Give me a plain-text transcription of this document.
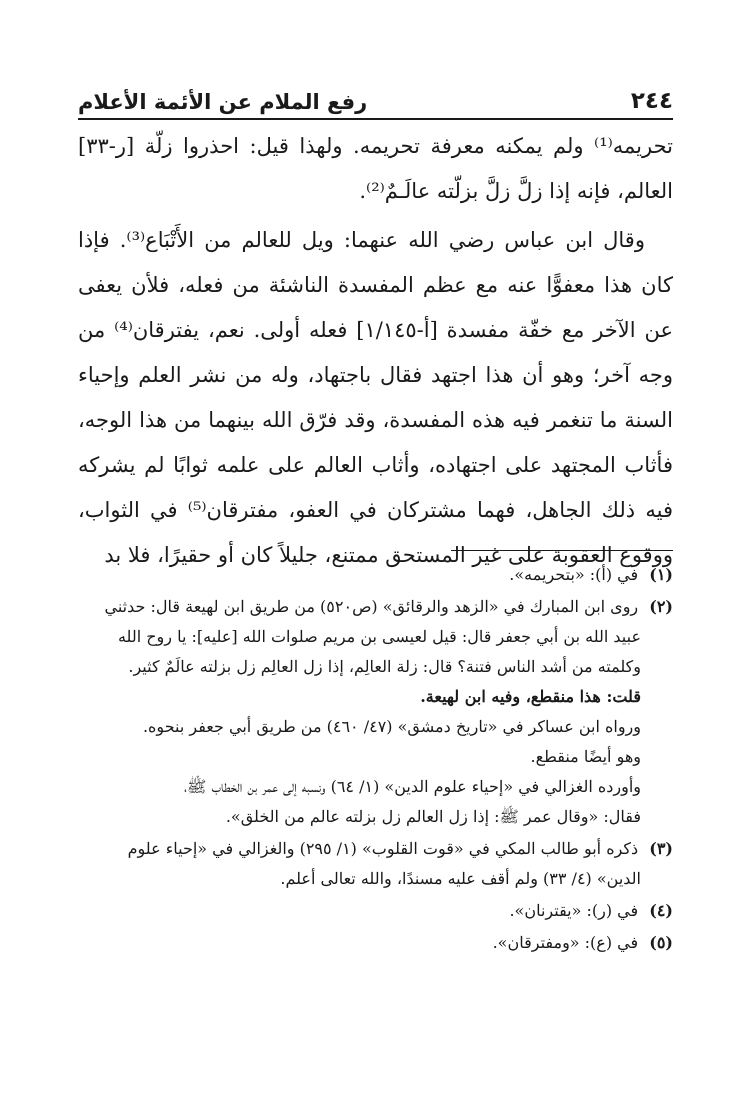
٢٤٤
رفع الملام عن الأئمة الأعلام

تحريمه⁽¹⁾ ولم يمكنه معرفة تحريمه. ولهذا قيل: احذروا زلّة [ر-٣٣] العالم، فإنه إذا زلَّ زلَّ بزلّته عالَـمٌ⁽²⁾.

وقال ابن عباس رضي الله عنهما: ويل للعالم من الأَتْبَاع⁽³⁾. فإذا كان هذا معفوًّا عنه مع عظم المفسدة الناشئة من فعله، فلأن يعفى عن الآخر مع خفّة مفسدة [أ-١/١٤٥] فعله أولى. نعم، يفترقان⁽⁴⁾ من وجه آخر؛ وهو أن هذا اجتهد فقال باجتهاد، وله من نشر العلم وإحياء السنة ما تنغمر فيه هذه المفسدة، وقد فرّق الله بينهما من هذا الوجه، فأثاب المجتهد على اجتهاده، وأثاب العالم على علمه ثوابًا لم يشركه فيه ذلك الجاهل، فهما مشتركان في العفو، مفترقان⁽⁵⁾ في الثواب، ووقوع العقوبة على غير المستحق ممتنع، جليلاً كان أو حقيرًا، فلا بد

(١) في (أ): «بتحريمه».
(٢) روى ابن المبارك في «الزهد والرقائق» (ص٥٢٠) من طريق ابن لهيعة قال: حدثني
عبيد الله بن أبي جعفر قال: قيل لعيسى بن مريم صلوات الله [عليه]: يا روح الله
وكلمته من أشد الناس فتنة؟ قال: زلة العالِم، إذا زل العالِم زل بزلته عالَمٌ كثير.
قلت: هذا منقطع، وفيه ابن لهيعة.
ورواه ابن عساكر في «تاريخ دمشق» (٤٧/ ٤٦٠) من طريق أبي جعفر بنحوه.
وهو أيضًا منقطع.
وأورده الغزالي في «إحياء علوم الدين» (١/ ٦٤) ونسبه إلى عمر بن الخطاب ﷺ،
فقال: «وقال عمر ﷺ: إذا زل العالم زل بزلته عالم من الخلق».
(٣) ذكره أبو طالب المكي في «قوت القلوب» (١/ ٢٩٥) والغزالي في «إحياء علوم
الدين» (٤/ ٣٣) ولم أقف عليه مسندًا، والله تعالى أعلم.
(٤) في (ر): «يقترنان».
(٥) في (ع): «ومفترقان».
